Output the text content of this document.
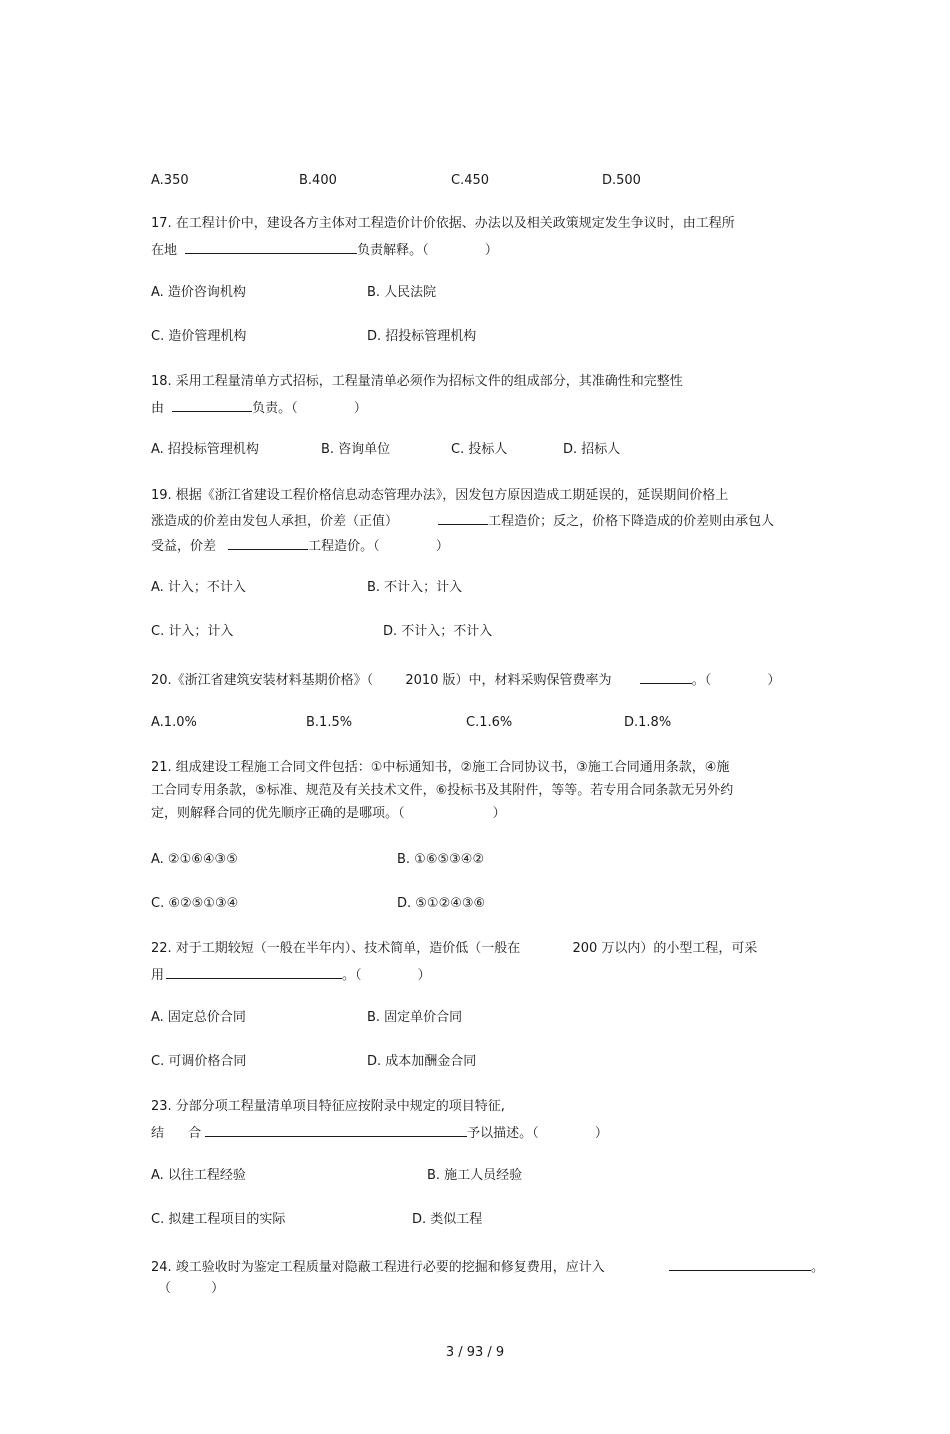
A.350	B.400	C.450	D.500
17. 在工程计价中，建设各方主体对工程造价计价依据、办法以及相关政策规定发生争议时，由工程所
在地	负责解释。（	）
A. 造价咨询机构	B. 人民法院
C. 造价管理机构	D. 招投标管理机构
18. 采用工程量清单方式招标，工程量清单必须作为招标文件的组成部分，其准确性和完整性
由	负责。（	）
A. 招投标管理机构	B. 咨询单位	C. 投标人	D. 招标人
19. 根据《浙江省建设工程价格信息动态管理办法》，因发包方原因造成工期延误的，延误期间价格上
涨造成的价差由发包人承担，价差（正值）	工程造价；反之，价格下降造成的价差则由承包人
受益，价差	工程造价。（	）
A. 计入；不计入	B. 不计入；计入
C. 计入；计入	D. 不计入；不计入
20.《浙江省建筑安装材料基期价格》（ 2010 版）中，材料采购保管费率为	。（	）
A.1.0%	B.1.5%	C.1.6%	D.1.8%
21. 组成建设工程施工合同文件包括：①中标通知书，②施工合同协议书，③施工合同通用条款，④施
工合同专用条款，⑤标准、规范及有关技术文件，⑥投标书及其附件，等等。若专用合同条款无另外约
定，则解释合同的优先顺序正确的是哪项。（	）
A. ②①⑥④③⑤	B. ①⑥⑤③④②
C. ⑥②⑤①③④	D. ⑤①②④③⑥
22. 对于工期较短（一般在半年内）、技术简单，造价低（一般在	200 万以内）的小型工程，可采
用	。（	）
A. 固定总价合同	B. 固定单价合同
C. 可调价格合同	D. 成本加酬金合同
23. 分部分项工程量清单项目特征应按附录中规定的项目特征,
结 合	予以描述。（	）
A. 以往工程经验	B. 施工人员经验
C. 拟建工程项目的实际	D. 类似工程
24. 竣工验收时为鉴定工程质量对隐蔽工程进行必要的挖掘和修复费用，应计入	。
（	）
3 / 93 / 9
